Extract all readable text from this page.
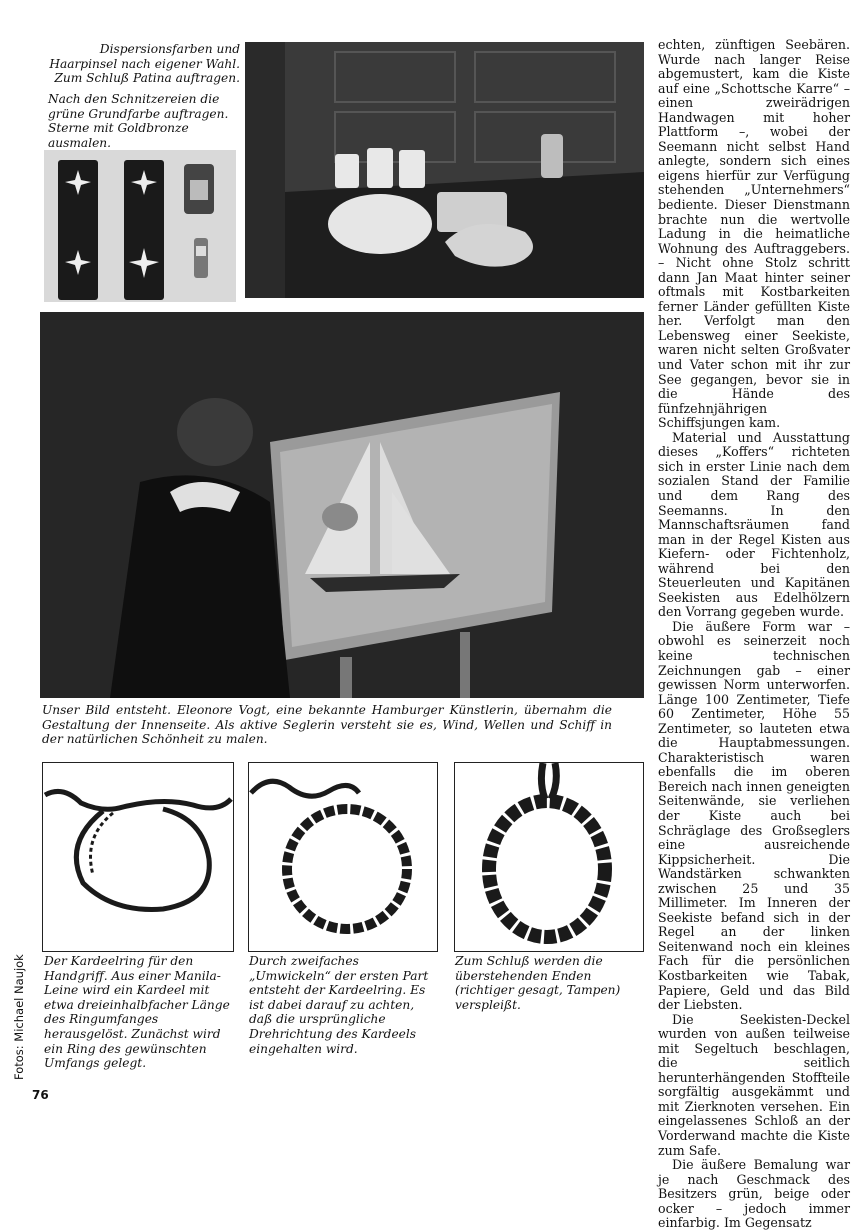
Dispersionsfarben und Haarpinsel nach eigener Wahl. Zum Schluß Patina auftragen.
Nach den Schnitzereien die grüne Grundfarbe auftragen. Sterne mit Goldbronze ausmalen.
Unser Bild entsteht. Eleonore Vogt, eine bekannte Hamburger Künstlerin, übernahm die Gestaltung der Innenseite. Als aktive Seglerin versteht sie es, Wind, Wellen und Schiff in der natürlichen Schönheit zu malen.
Der Kardeelring für den Handgriff. Aus einer Manila-Leine wird ein Kardeel mit etwa dreieinhalbfacher Länge des Ringumfanges herausgelöst. Zunächst wird ein Ring des gewünschten Umfangs gelegt.
Durch zweifaches „Umwickeln“ der ersten Part entsteht der Kardeelring. Es ist dabei darauf zu achten, daß die ursprüngliche Drehrichtung des Kardeels eingehalten wird.
Zum Schluß werden die überstehenden Enden (richtiger gesagt, Tampen) verspleißt.

echten, zünftigen Seebären. Wurde nach langer Reise abgemustert, kam die Kiste auf eine „Schottsche Karre“ – einen zweirädrigen Handwagen mit hoher Plattform –, wobei der Seemann nicht selbst Hand anlegte, sondern sich eines eigens hierfür zur Verfügung stehenden „Unternehmers“ bediente. Dieser Dienstmann brachte nun die wertvolle Ladung in die heimatliche Wohnung des Auftraggebers. – Nicht ohne Stolz schritt dann Jan Maat hinter seiner oftmals mit Kostbarkeiten ferner Länder gefüllten Kiste her. Verfolgt man den Lebensweg einer Seekiste, waren nicht selten Großvater und Vater schon mit ihr zur See gegangen, bevor sie in die Hände des fünfzehnjährigen Schiffsjungen kam.

Material und Ausstattung dieses „Koffers“ richteten sich in erster Linie nach dem sozialen Stand der Familie und dem Rang des Seemanns. In den Mannschaftsräumen fand man in der Regel Kisten aus Kiefern- oder Fichtenholz, während bei den Steuerleuten und Kapitänen Seekisten aus Edelhölzern den Vorrang gegeben wurde.

Die äußere Form war – obwohl es seinerzeit noch keine technischen Zeichnungen gab – einer gewissen Norm unterworfen. Länge 100 Zentimeter, Tiefe 60 Zentimeter, Höhe 55 Zentimeter, so lauteten etwa die Hauptabmessungen. Charakteristisch waren ebenfalls die im oberen Bereich nach innen geneigten Seitenwände, sie verliehen der Kiste auch bei Schräglage des Großseglers eine ausreichende Kippsicherheit. Die Wandstärken schwankten zwischen 25 und 35 Millimeter. Im Inneren der Seekiste befand sich in der Regel an der linken Seitenwand noch ein kleines Fach für die persönlichen Kostbarkeiten wie Tabak, Papiere, Geld und das Bild der Liebsten.

Die Seekisten-Deckel wurden von außen teilweise mit Segeltuch beschlagen, die seitlich herunterhängenden Stoffteile sorgfältig ausgekämmt und mit Zierknoten versehen. Ein eingelassenes Schloß an der Vorderwand machte die Kiste zum Safe.

Die äußere Bemalung war je nach Geschmack des Besitzers grün, beige oder ocker – jedoch immer einfarbig. Im Gegensatz

Fotos: Michael Naujok
76
